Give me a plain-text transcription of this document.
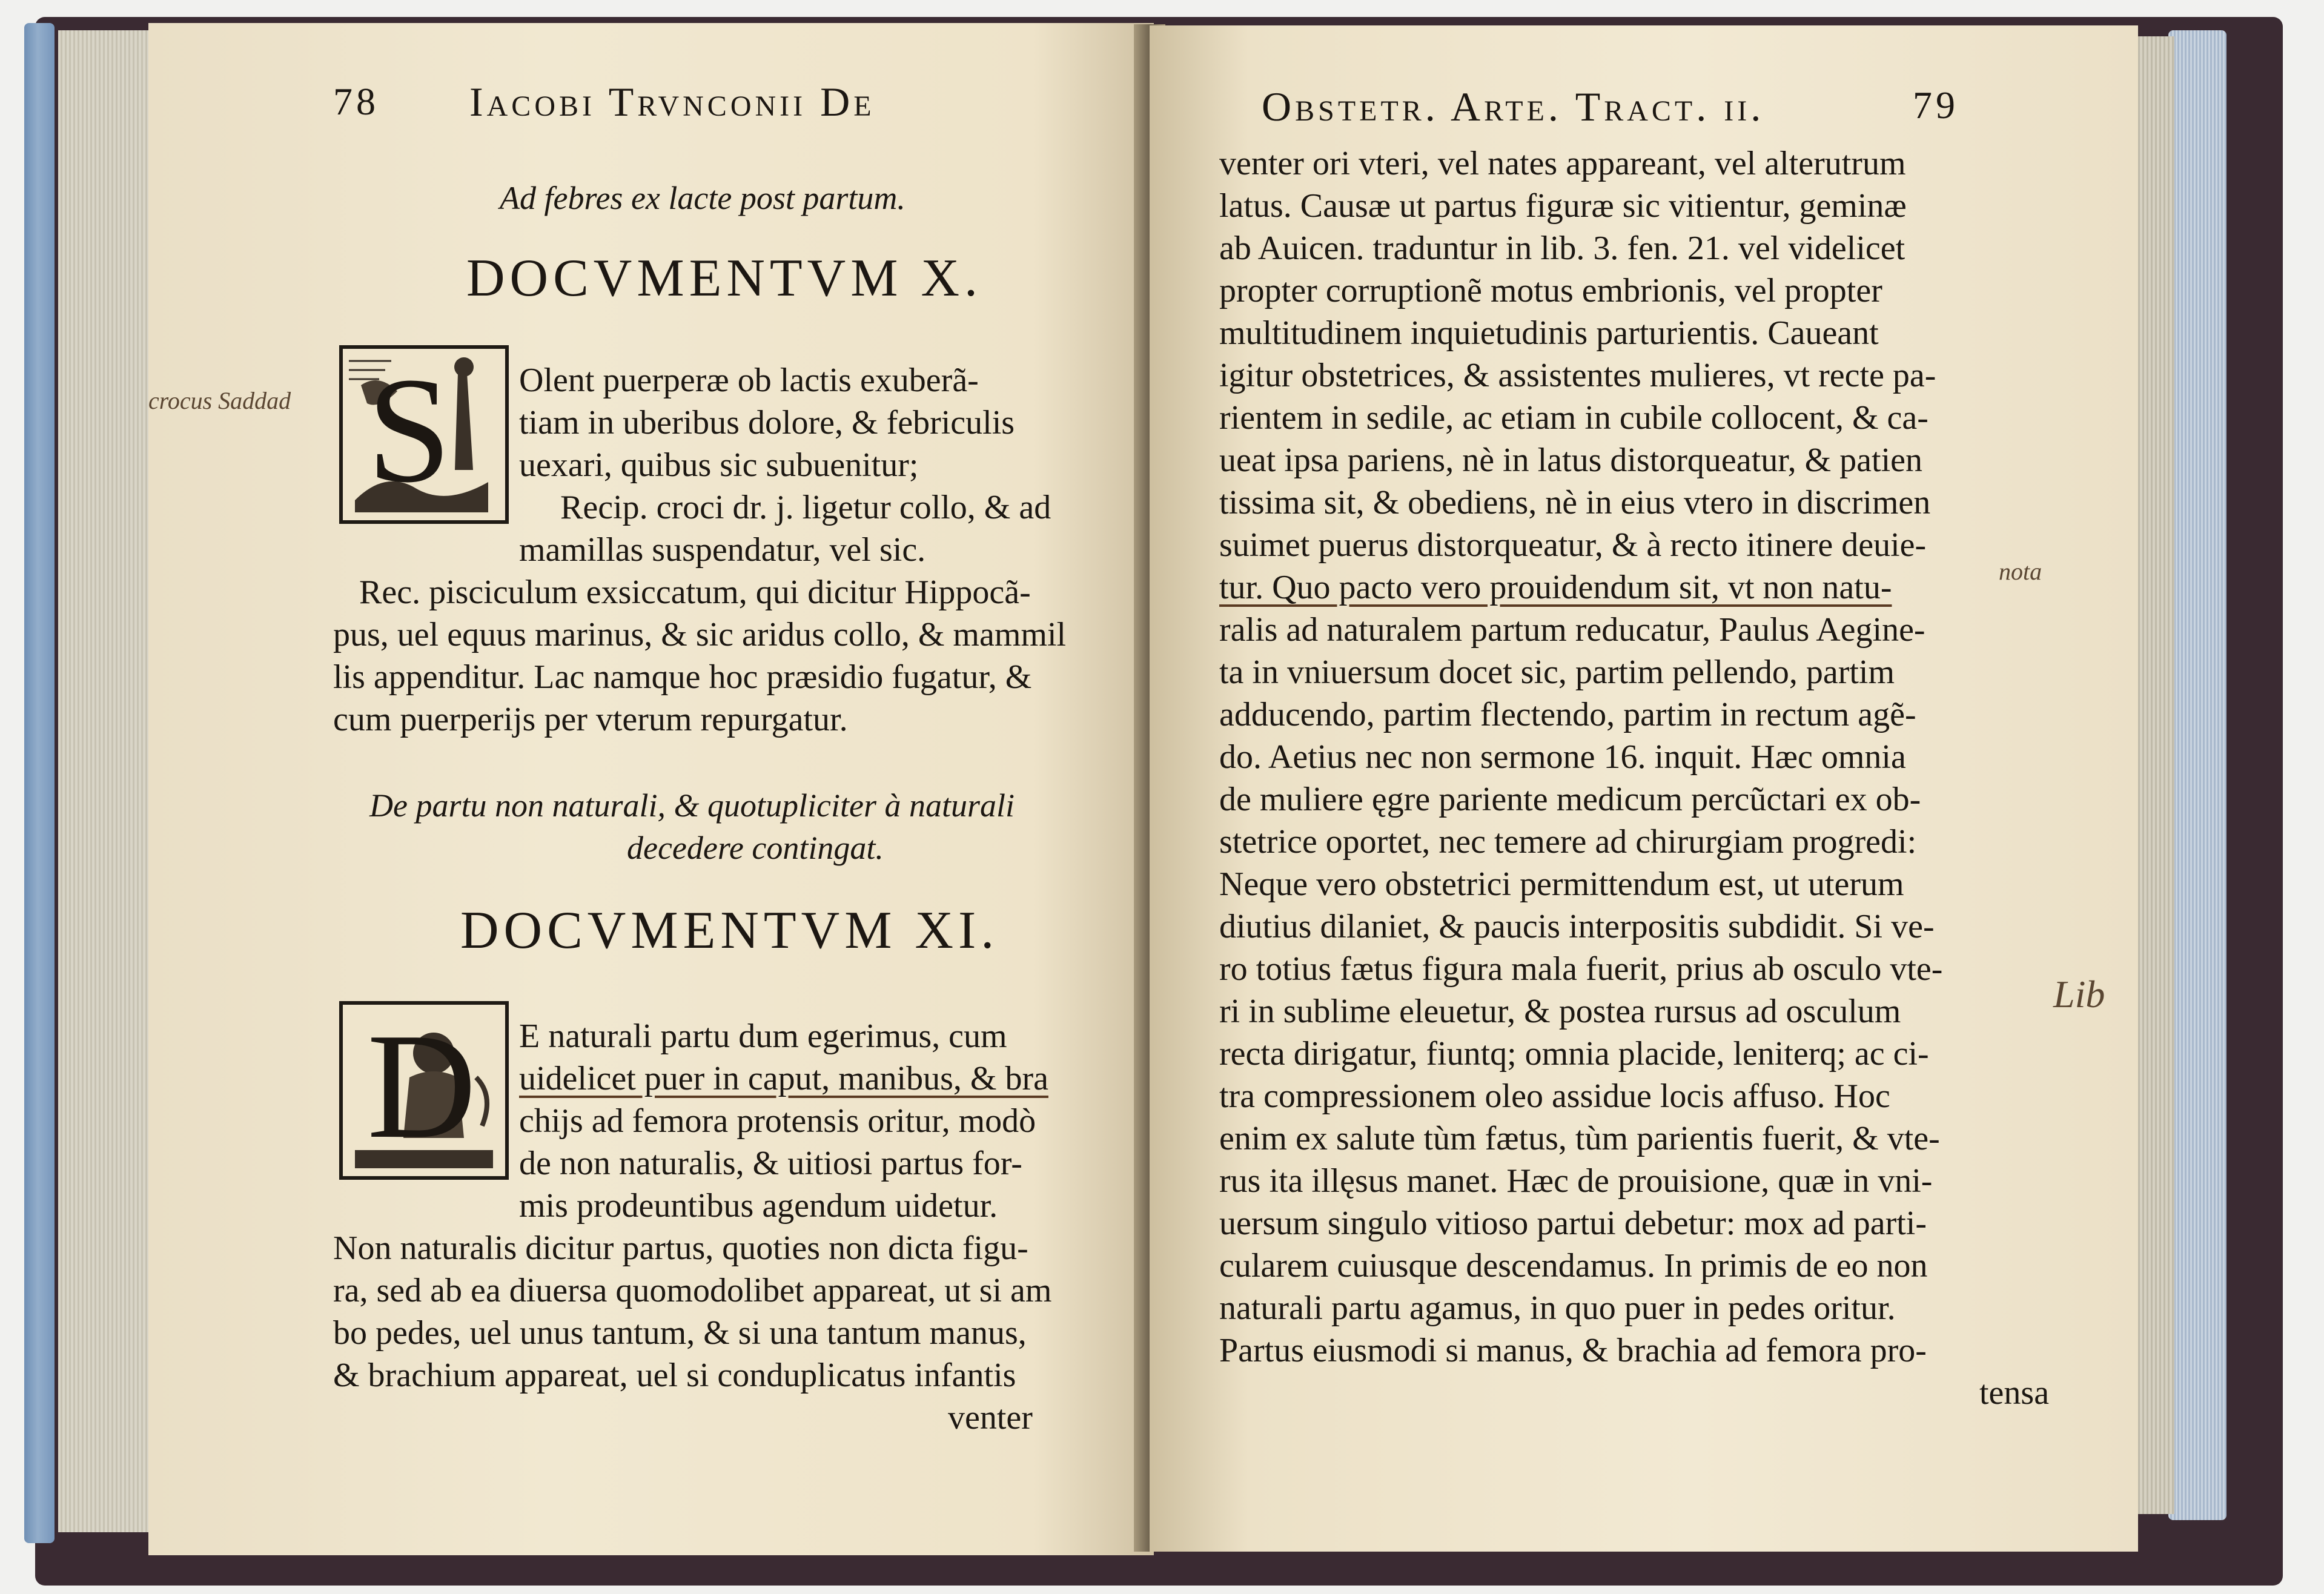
78 Iacobi Trvnconii De
Ad febres ex lacte post partum.
DOCVMENTVM X.
crocus Saddad S Olent puerperæ ob lactis exuberã-
tiam in uberibus dolore, & febriculis
uexari, quibus sic subuenitur;
Recip. croci dr. j. ligetur collo, & ad
mamillas suspendatur, vel sic.
Rec. pisciculum exsiccatum, qui dicitur Hippocã-
pus, uel equus marinus, & sic aridus collo, & mammil
lis appenditur. Lac namque hoc præsidio fugatur, &
cum puerperijs per vterum repurgatur.
De partu non naturali, & quotupliciter à naturali
decedere contingat.
DOCVMENTVM XI.
D E naturali partu dum egerimus, cum
uidelicet puer in caput, manibus, & bra
chijs ad femora protensis oritur, modò
de non naturalis, & uitiosi partus for-
mis prodeuntibus agendum uidetur.
Non naturalis dicitur partus, quoties non dicta figu-
ra, sed ab ea diuersa quomodolibet appareat, ut si am
bo pedes, uel unus tantum, & si una tantum manus,
& brachium appareat, uel si conduplicatus infantis
venter
Obstetr. Arte. Tract. ii.	79
venter ori vteri, vel nates appareant, vel alterutrum
latus. Causæ ut partus figuræ sic vitientur, geminæ
ab Auicen. traduntur in lib. 3. fen. 21. vel videlicet
propter corruptionẽ motus embrionis, vel propter
multitudinem inquietudinis parturientis. Caueant
igitur obstetrices, & assistentes mulieres, vt recte pa-
rientem in sedile, ac etiam in cubile collocent, & ca-
ueat ipsa pariens, nè in latus distorqueatur, & patien
tissima sit, & obediens, nè in eius vtero in discrimen
suimet puerus distorqueatur, & à recto itinere deuie-
tur. Quo pacto vero prouidendum sit, vt non natu-
ralis ad naturalem partum reducatur, Paulus Aegine-
ta in vniuersum docet sic, partim pellendo, partim
adducendo, partim flectendo, partim in rectum agẽ-
do. Aetius nec non sermone 16. inquit. Hæc omnia
de muliere ęgre pariente medicum percũctari ex ob-
stetrice oportet, nec temere ad chirurgiam progredi:
Neque vero obstetrici permittendum est, ut uterum
diutius dilaniet, & paucis interpositis subdidit. Si ve-
ro totius fætus figura mala fuerit, prius ab osculo vte-
ri in sublime eleuetur, & postea rursus ad osculum
recta dirigatur, fiuntq; omnia placide, leniterq; ac ci-
tra compressionem oleo assidue locis affuso. Hoc
enim ex salute tùm fætus, tùm parientis fuerit, & vte-
rus ita illęsus manet. Hæc de prouisione, quæ in vni-
uersum singulo vitioso partui debetur: mox ad parti-
cularem cuiusque descendamus. In primis de eo non
naturali partu agamus, in quo puer in pedes oritur.
Partus eiusmodi si manus, & brachia ad femora pro-
tensa
nota
Lib
